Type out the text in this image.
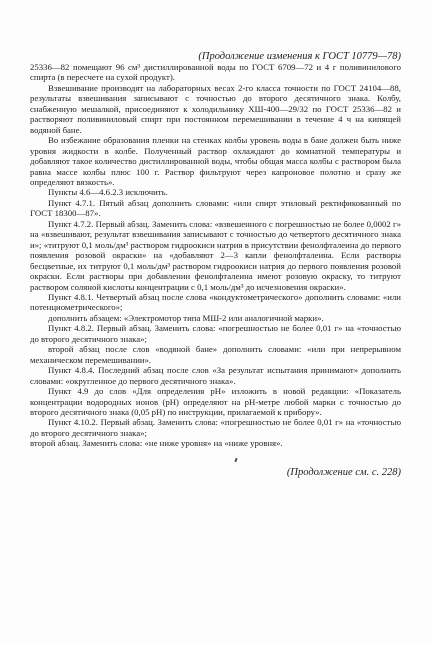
(Продолжение изменения к ГОСТ 10779—78)

25336—82 помещают 96 см³ дистиллированной воды по ГОСТ 6709—72 и 4 г поливинилового спирта (в пересчете на сухой продукт).

Взвешивание производят на лабораторных весах 2-го класса точности по ГОСТ 24104—88, результаты взвешивания записывают с точностью до второго десятичного знака. Колбу, снабженную мешалкой, присоединяют к холодильнику ХШ-400—29/32 по ГОСТ 25336—82 и растворяют поливиниловый спирт при постоянном перемешивании в течение 4 ч на кипящей водяной бане.

Во избежание образования пленки на стенках колбы уровень воды в бане должен быть ниже уровня жидкости в колбе. Полученный раствор охлаждают до комнатной температуры и добавляют такое количество дистиллированной воды, чтобы общая масса колбы с раствором была равна массе колбы плюс 100 г. Раствор фильтруют через капроновое полотно и сразу же определяют вязкость».

Пункты 4.6—4.6.2.3 исключить.

Пункт 4.7.1. Пятый абзац дополнить словами: «или спирт этиловый ректификованный по ГОСТ 18300—87».

Пункт 4.7.2. Первый абзац. Заменить слова: «взвешенного с погрешностью не более 0,0002 г» на «взвешивают, результат взвешивания записывают с точностью до четвертого десятичного знака и»; «титруют 0,1 моль/дм³ раствором гидроокиси натрия в присутствии фенолфталеина до первого появления розовой окраски» на «добавляют 2—3 капли фенолфталеина. Если растворы бесцветные, их титруют 0,1 моль/дм³ раствором гидроокиси натрия до первого появления розовой окраски. Если растворы при добавлении фенолфталеина имеют розовую окраску, то титруют раствором соляной кислоты концентрации с 0,1 моль/дм³ до исчезновения окраски».

Пункт 4.8.1. Четвертый абзац после слова «кондуктометрического» дополнить словами: «или потенциометрического»;

дополнить абзацем: «Электромотор типа МШ-2 или аналогичной марки».

Пункт 4.8.2. Первый абзац. Заменить слова: «погрешностью не более 0,01 г» на «точностью до второго десятичного знака»;

второй абзац после слов «водяной бане» дополнить словами: «или при непрерывном механическом перемешивании».

Пункт 4.8.4. Последний абзац после слов «За результат испытания принимают» дополнить словами: «округленное до первого десятичного знака».

Пункт 4.9 до слов «Для определения pH» изложить в новой редакции: «Показатель концентрации водородных ионов (pH) определяют на pH-метре любой марки с точностью до второго десятичного знака (0,05 pH) по инструкции, прилагаемой к прибору».

Пункт 4.10.2. Первый абзац. Заменить слова: «погрешностью не более 0,01 г» на «точностью до второго десятичного знака»;

второй абзац. Заменить слова: «не ниже уровня» на «ниже уровня».

(Продолжение см. с. 228)
